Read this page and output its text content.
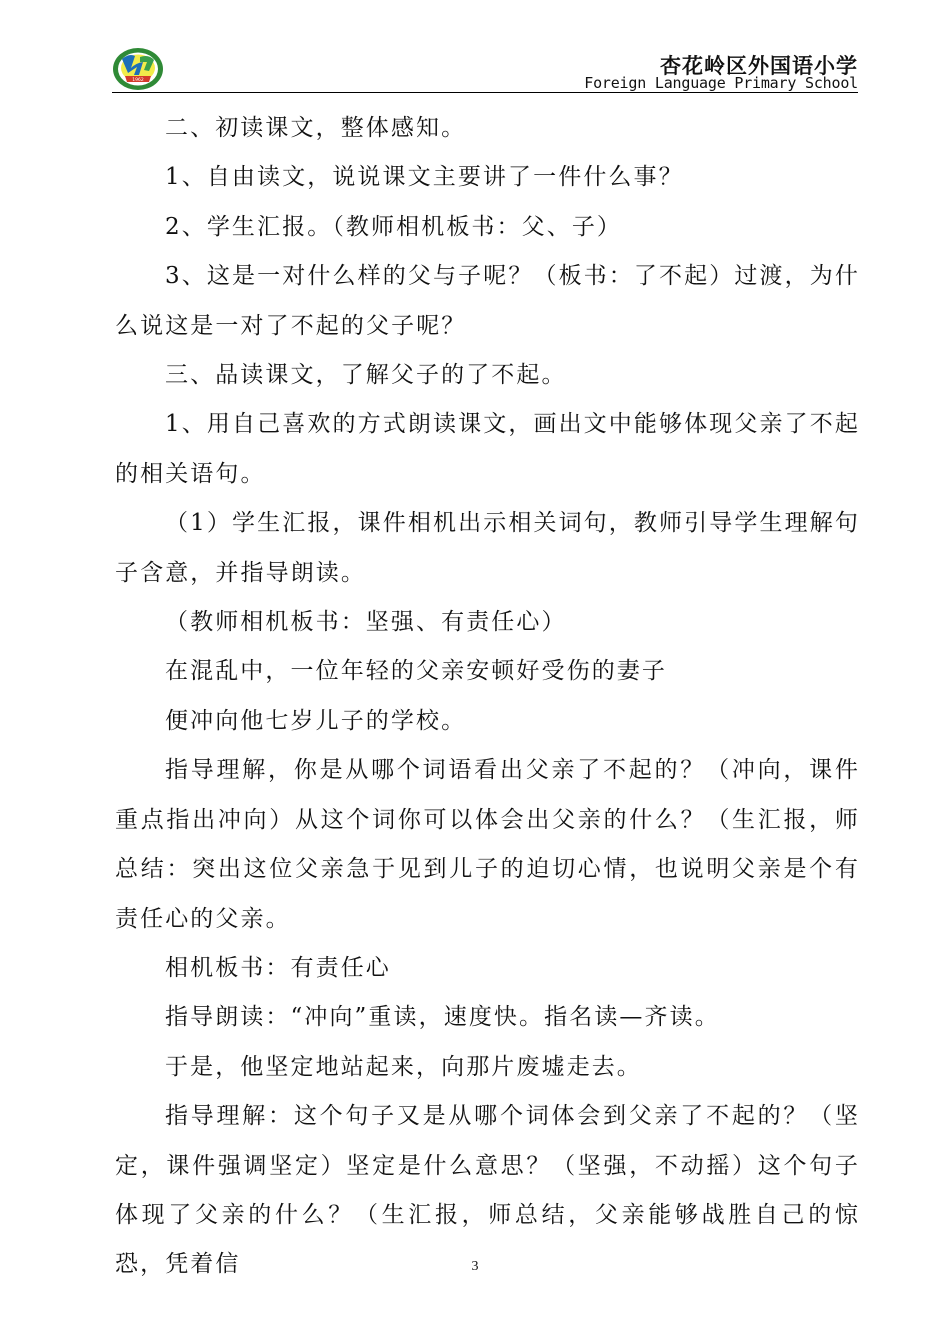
1962
杏花岭区外国语小学
Foreign Language Primary School

二、初读课文，整体感知。

1、自由读文，说说课文主要讲了一件什么事？

2、学生汇报。（教师相机板书：父、子）

3、这是一对什么样的父与子呢？（板书：了不起）过渡，为什么说这是一对了不起的父子呢？

三、品读课文，了解父子的了不起。

1、用自己喜欢的方式朗读课文，画出文中能够体现父亲了不起的相关语句。

（1）学生汇报，课件相机出示相关词句，教师引导学生理解句子含意，并指导朗读。

（教师相机板书：坚强、有责任心）

在混乱中，一位年轻的父亲安顿好受伤的妻子

便冲向他七岁儿子的学校。

指导理解，你是从哪个词语看出父亲了不起的？（冲向，课件重点指出冲向）从这个词你可以体会出父亲的什么？（生汇报，师总结：突出这位父亲急于见到儿子的迫切心情，也说明父亲是个有责任心的父亲。

相机板书：有责任心

指导朗读：“冲向”重读，速度快。指名读—齐读。

于是，他坚定地站起来，向那片废墟走去。

指导理解：这个句子又是从哪个词体会到父亲了不起的？（坚定，课件强调坚定）坚定是什么意思？（坚强，不动摇）这个句子体现了父亲的什么？（生汇报，师总结，父亲能够战胜自己的惊恐，凭着信	3
